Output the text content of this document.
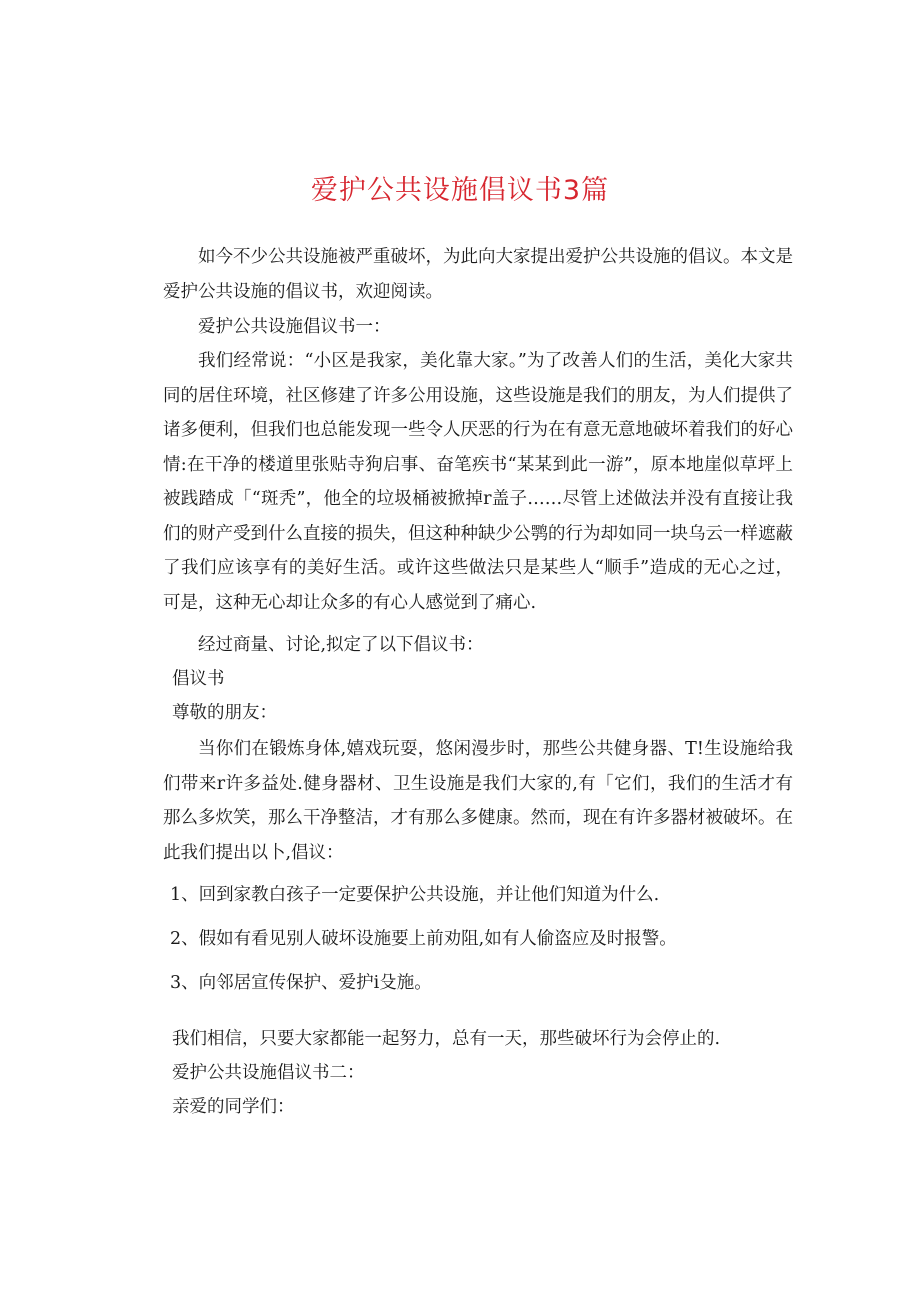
爱护公共设施倡议书3篇

如今不少公共设施被严重破坏，为此向大家提出爱护公共设施的倡议。本文是爱护公共设施的倡议书，欢迎阅读。

爱护公共设施倡议书一：

我们经常说：“小区是我家，美化靠大家。”为了改善人们的生活，美化大家共同的居住环境，社区修建了许多公用设施，这些设施是我们的朋友，为人们提供了诸多便利，但我们也总能发现一些令人厌恶的行为在有意无意地破坏着我们的好心情:在干净的楼道里张贴寺狗启事、奋笔疾书“某某到此一游”，原本地崖似草坪上被践踏成「“斑秃”，他全的垃圾桶被掀掉r盖子……尽管上述做法并没有直接让我们的财产受到什么直接的损失，但这种种缺少公鹗的行为却如同一块乌云一样遮蔽了我们应该享有的美好生活。或许这些做法只是某些人“顺手”造成的无心之过，可是，这种无心却让众多的有心人感觉到了痛心.

经过商量、讨论,拟定了以下倡议书：
倡议书
尊敬的朋友：

当你们在锻炼身体,嬉戏玩耍，悠闲漫步时，那些公共健身器、T!生设施给我们带来r许多益处.健身器材、卫生设施是我们大家的,有「它们，我们的生活才有那么多炊笑，那么干净整洁，才有那么多健康。然而，现在有许多器材被破坏。在此我们提出以卜,倡议：

1、回到家教白孩子一定要保护公共设施，并让他们知道为什么.
2、假如有看见别人破坏设施要上前劝阻,如有人偷盗应及时报警。
3、向邻居宣传保护、爱护i殳施。
我们相信，只要大家都能一起努力，总有一天，那些破坏行为会停止的.
爱护公共设施倡议书二：
亲爱的同学们：
